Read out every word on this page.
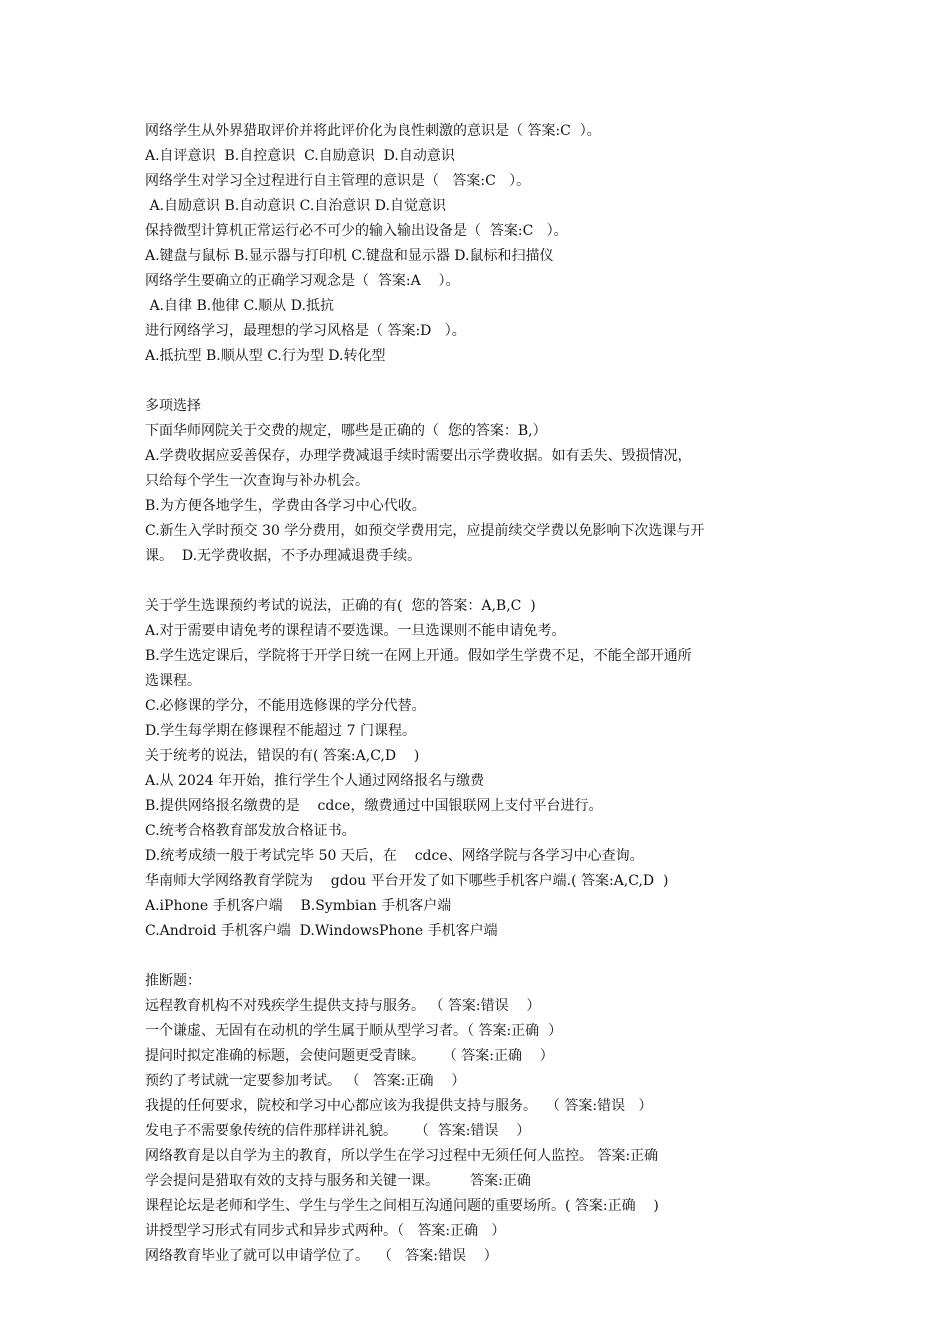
网络学生从外界猎取评价并将此评价化为良性刺激的意识是（ 答案:C  ）。

A.自评意识  B.自控意识  C.自励意识  D.自动意识

网络学生对学习全过程进行自主管理的意识是（   答案:C   ）。

A.自励意识 B.自动意识 C.自治意识 D.自觉意识

保持微型计算机正常运行必不可少的输入输出设备是（  答案:C   ）。

A.键盘与鼠标 B.显示器与打印机 C.键盘和显示器 D.鼠标和扫描仪

网络学生要确立的正确学习观念是（  答案:A    ）。

A.自律 B.他律 C.顺从 D.抵抗

进行网络学习，最理想的学习风格是（ 答案:D   ）。

A.抵抗型 B.顺从型 C.行为型 D.转化型

多项选择

下面华师网院关于交费的规定，哪些是正确的（  您的答案：B,）

A.学费收据应妥善保存，办理学费减退手续时需要出示学费收据。如有丢失、毁损情况，

只给每个学生一次查询与补办机会。

B.为方便各地学生，学费由各学习中心代收。

C.新生入学时预交 30 学分费用，如预交学费用完，应提前续交学费以免影响下次选课与开

课。  D.无学费收据，不予办理减退费手续。

关于学生选课预约考试的说法，正确的有(  您的答案：A,B,C  )

A.对于需要申请免考的课程请不要选课。一旦选课则不能申请免考。

B.学生选定课后，学院将于开学日统一在网上开通。假如学生学费不足，不能全部开通所

选课程。

C.必修课的学分，不能用选修课的学分代替。

D.学生每学期在修课程不能超过 7 门课程。

关于统考的说法，错误的有( 答案:A,C,D    )

A.从 2024 年开始，推行学生个人通过网络报名与缴费

B.提供网络报名缴费的是    cdce，缴费通过中国银联网上支付平台进行。

C.统考合格教育部发放合格证书。

D.统考成绩一般于考试完毕 50 天后，在    cdce、网络学院与各学习中心查询。

华南师大学网络教育学院为    gdou 平台开发了如下哪些手机客户端.( 答案:A,C,D  )

A.iPhone 手机客户端    B.Symbian 手机客户端

C.Android 手机客户端  D.WindowsPhone 手机客户端

推断题：

远程教育机构不对残疾学生提供支持与服务。 （ 答案:错误    ）

一个谦虚、无固有在动机的学生属于顺从型学习者。（ 答案:正确  ）

提问时拟定准确的标题，会使问题更受青睐。    （ 答案:正确    ）

预约了考试就一定要参加考试。 （   答案:正确    ）

我提的任何要求，院校和学习中心都应该为我提供支持与服务。  （ 答案:错误   ）

发电子不需要象传统的信件那样讲礼貌。    （  答案:错误    ）

网络教育是以自学为主的教育，所以学生在学习过程中无须任何人监控。 答案:正确

学会提问是猎取有效的支持与服务和关键一课。       答案:正确

课程论坛是老师和学生、学生与学生之间相互沟通问题的重要场所。( 答案:正确    )

讲授型学习形式有同步式和异步式两种。（   答案:正确   ）

网络教育毕业了就可以申请学位了。  （   答案:错误    ）
